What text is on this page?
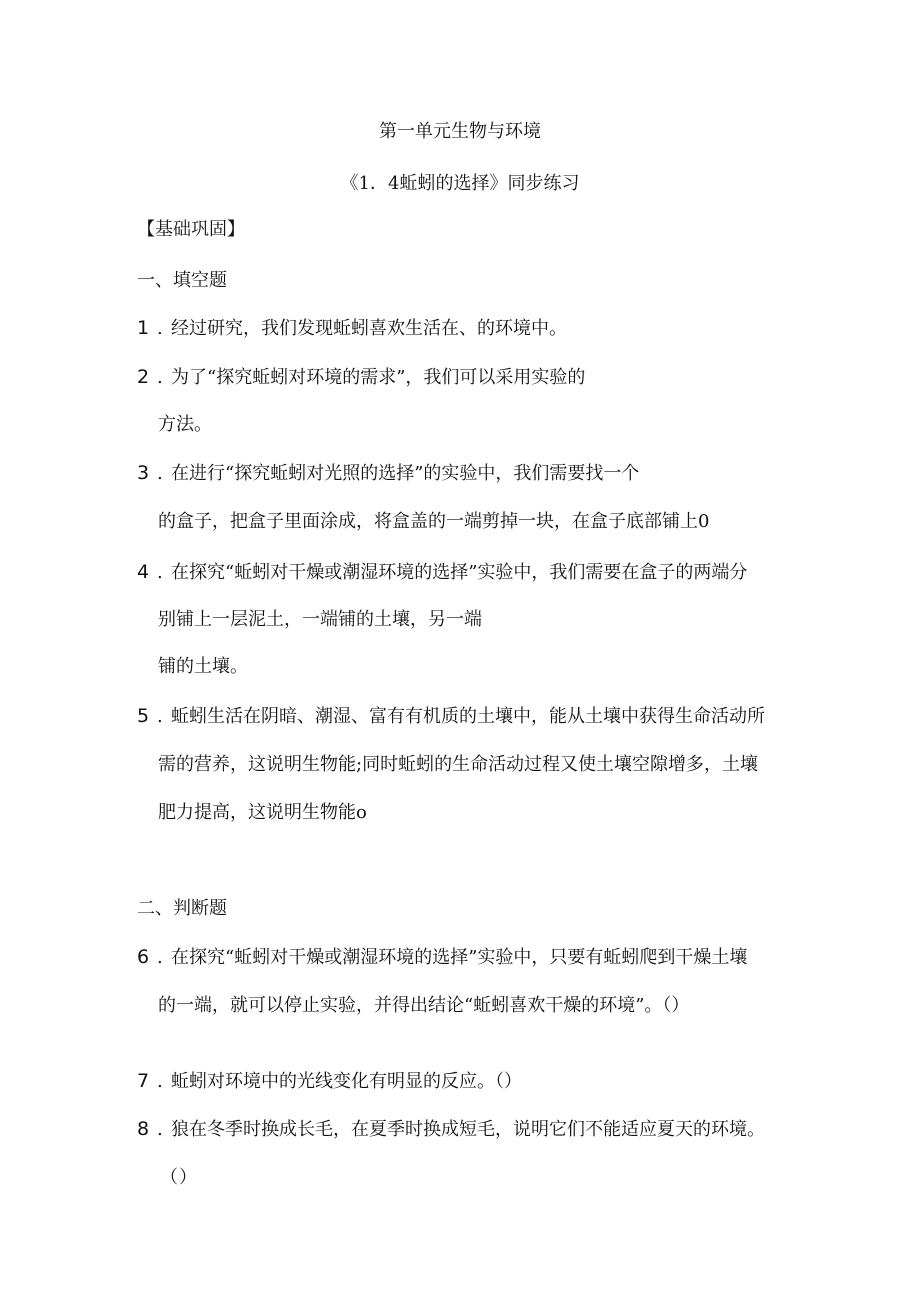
第一单元生物与环境
《1．4蚯蚓的选择》同步练习
【基础巩固】
一、填空题
1 . 经过研究，我们发现蚯蚓喜欢生活在、的环境中。
2 . 为了“探究蚯蚓对环境的需求”，我们可以采用实验的
方法。
3 . 在进行“探究蚯蚓对光照的选择”的实验中，我们需要找一个
的盒子，把盒子里面涂成，将盒盖的一端剪掉一块，在盒子底部铺上0
4 . 在探究“蚯蚓对干燥或潮湿环境的选择”实验中，我们需要在盒子的两端分
别铺上一层泥土，一端铺的土壤，另一端
铺的土壤。
5 . 蚯蚓生活在阴暗、潮湿、富有有机质的土壤中，能从土壤中获得生命活动所
需的营养，这说明生物能;同时蚯蚓的生命活动过程又使土壤空隙增多，土壤
肥力提高，这说明生物能o
二、判断题
6 . 在探究“蚯蚓对干燥或潮湿环境的选择”实验中，只要有蚯蚓爬到干燥土壤
的一端，就可以停止实验，并得出结论“蚯蚓喜欢干燥的环境”。（）
7 . 蚯蚓对环境中的光线变化有明显的反应。（）
8 . 狼在冬季时换成长毛，在夏季时换成短毛，说明它们不能适应夏天的环境。
（）
